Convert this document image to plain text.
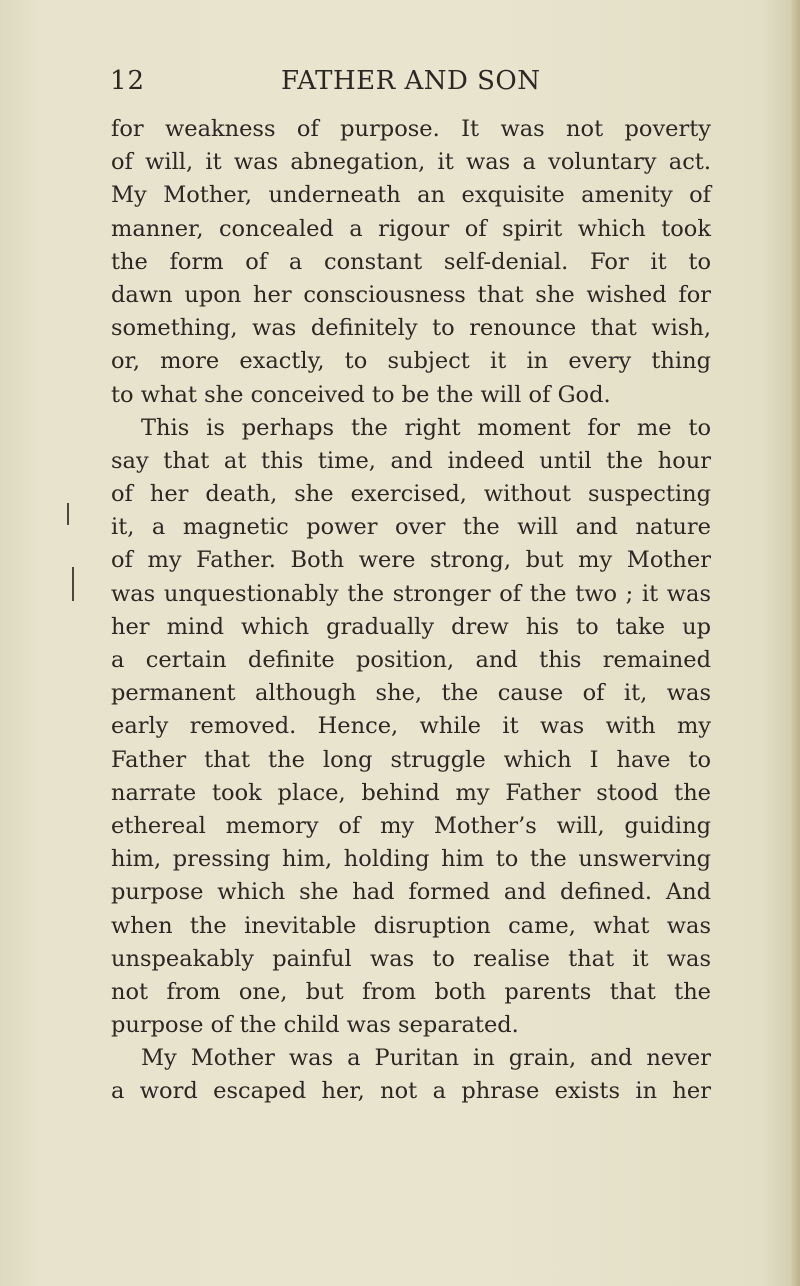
12	FATHER AND SON
for weakness of purpose. It was not poverty
of will, it was abnegation, it was a voluntary act.
My Mother, underneath an exquisite amenity of
manner, concealed a rigour of spirit which took
the form of a constant self-denial. For it to
dawn upon her consciousness that she wished for
something, was definitely to renounce that wish,
or, more exactly, to subject it in every thing
to what she conceived to be the will of God.
This is perhaps the right moment for me to
say that at this time, and indeed until the hour
of her death, she exercised, without suspecting
it, a magnetic power over the will and nature
of my Father. Both were strong, but my Mother
was unquestionably the stronger of the two ; it was
her mind which gradually drew his to take up
a certain definite position, and this remained
permanent although she, the cause of it, was
early removed. Hence, while it was with my
Father that the long struggle which I have to
narrate took place, behind my Father stood the
ethereal memory of my Mother’s will, guiding
him, pressing him, holding him to the unswerving
purpose which she had formed and defined. And
when the inevitable disruption came, what was
unspeakably painful was to realise that it was
not from one, but from both parents that the
purpose of the child was separated.
My Mother was a Puritan in grain, and never
a word escaped her, not a phrase exists in her
